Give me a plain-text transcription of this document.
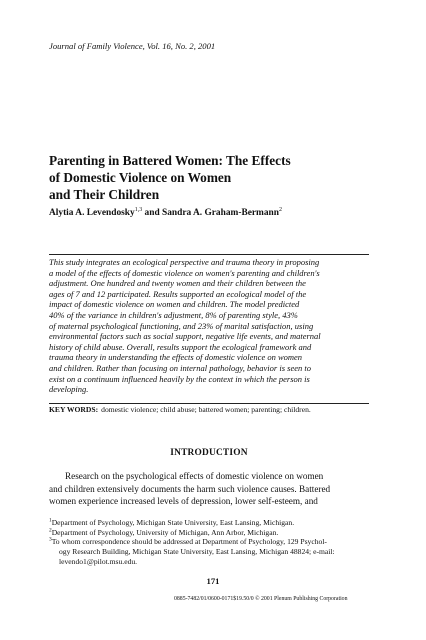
Journal of Family Violence, Vol. 16, No. 2, 2001
Parenting in Battered Women: The Effects
of Domestic Violence on Women
and Their Children
Alytia A. Levendosky$^{1,3}$ and Sandra A. Graham-Bermann$^2$
This study integrates an ecological perspective and trauma theory in proposing
a model of the effects of domestic violence on women's parenting and children's
adjustment. One hundred and twenty women and their children between the
ages of 7 and 12 participated. Results supported an ecological model of the
impact of domestic violence on women and children. The model predicted
40% of the variance in children's adjustment, 8% of parenting style, 43%
of maternal psychological functioning, and 23% of marital satisfaction, using
environmental factors such as social support, negative life events, and maternal
history of child abuse. Overall, results support the ecological framework and
trauma theory in understanding the effects of domestic violence on women
and children. Rather than focusing on internal pathology, behavior is seen to
exist on a continuum influenced heavily by the context in which the person is
developing.
KEY WORDS: domestic violence; child abuse; battered women; parenting; children.
INTRODUCTION
Research on the psychological effects of domestic violence on women
and children extensively documents the harm such violence causes. Battered
women experience increased levels of depression, lower self-esteem, and
$^1$Department of Psychology, Michigan State University, East Lansing, Michigan.
$^2$Department of Psychology, University of Michigan, Ann Arbor, Michigan.
$^3$To whom correspondence should be addressed at Department of Psychology, 129 Psychol-
ogy Research Building, Michigan State University, East Lansing, Michigan 48824; e-mail:
levendo1@pilot.msu.edu.
171
0885-7482/01/0600-0171$19.50/0 © 2001 Plenum Publishing Corporation
